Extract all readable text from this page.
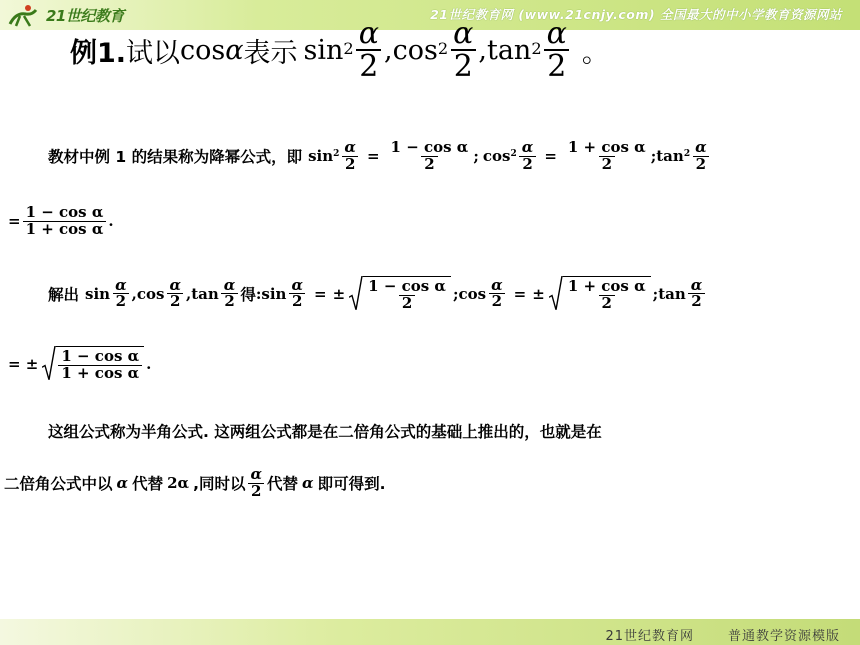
21世纪教育	21世纪教育网 (www.21cnjy.com) 全国最大的中小学教育资源网站
例1. 试以 cos α 表示 $\sin 2 \frac{\alpha}{2}$ , $\cos 2 \frac{\alpha}{2}$ , $\tan 2 \frac{\alpha}{2}$ 。
教材中例 1 的结果称为降幂公式，即 $\sin 2 \frac{\alpha}{2} = \frac{\text{1 − cos α}}{2}$ ; $\cos 2 \frac{\alpha}{2} = \frac{\text{1 + cos α}}{2}$ ; $\tan 2 \frac{\alpha}{2}$
= $\frac{\text{1 − cos α}}{\text{1 + cos α}}$ .
解出 $\sin \frac{\alpha}{2}$ , $\cos \frac{\alpha}{2}$ , $\tan \frac{\alpha}{2}$ 得 : $\sin \frac{\alpha}{2}$ = ± $\frac{\text{1 − cos α}}{2}$ ; $\cos \frac{\alpha}{2}$ = ± $\frac{\text{1 + cos α}}{2}$ ; $\tan \frac{\alpha}{2}$
= ± $\frac{\text{1 − cos α}}{\text{1 + cos α}}$ .
这组公式称为半角公式. 这两组公式都是在二倍角公式的基础上推出的，也就是在
二倍角公式中以 α 代替 2α ,同时以 $\frac{\alpha}{2}$ 代替 α 即可得到.
21世纪教育网	普通教学资源模版
